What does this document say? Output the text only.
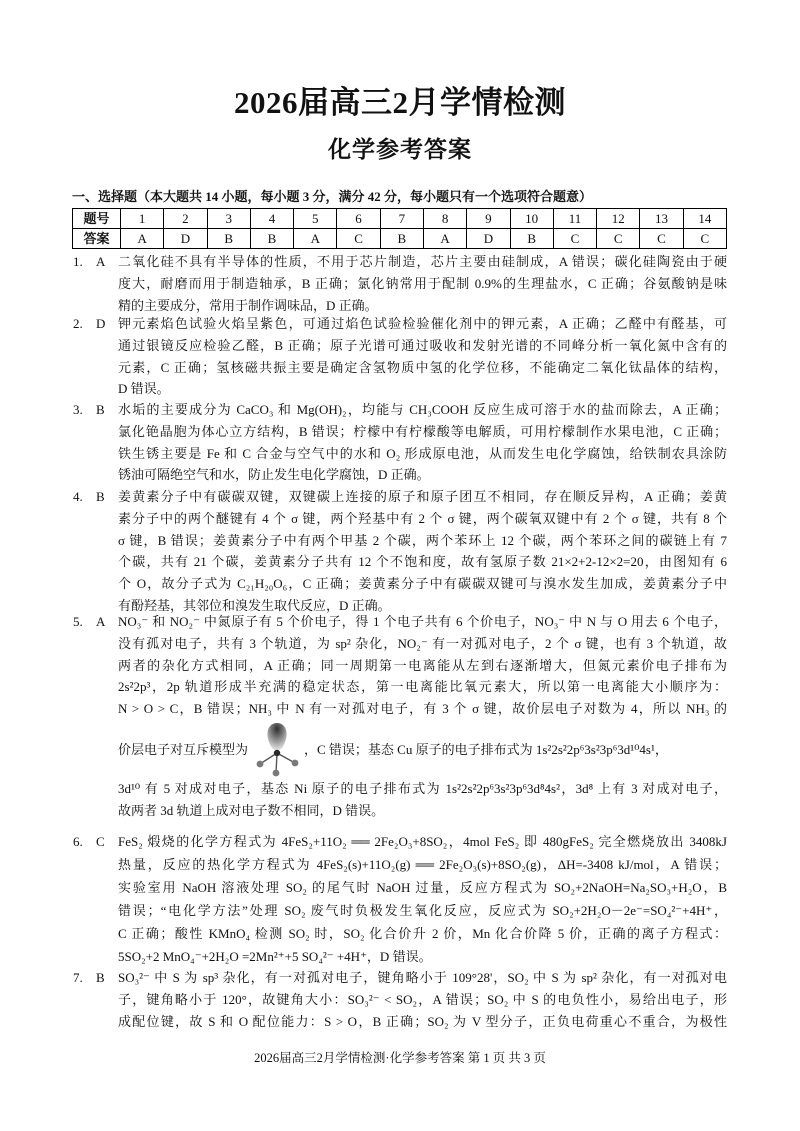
2026届高三2月学情检测
化学参考答案
一、选择题（本大题共 14 小题，每小题 3 分，满分 42 分，每小题只有一个选项符合题意）
题号	1	2	3	4	5	6	7	8	9	10	11	12	13	14
答案	A	D	B	B	A	C	B	A	D	B	C	C	C	C
1. A 二氧化硅不具有半导体的性质，不用于芯片制造，芯片主要由硅制成，A 错误；碳化硅陶瓷由于硬
度大，耐磨而用于制造轴承，B 正确；氯化钠常用于配制 0.9%的生理盐水，C 正确；谷氨酸钠是味
精的主要成分，常用于制作调味品，D 正确。
2. D 钾元素焰色试验火焰呈紫色，可通过焰色试验检验催化剂中的钾元素，A 正确；乙醛中有醛基，可
通过银镜反应检验乙醛，B 正确；原子光谱可通过吸收和发射光谱的不同峰分析一氧化氮中含有的
元素，C 正确；氢核磁共振主要是确定含氢物质中氢的化学位移，不能确定二氧化钛晶体的结构，
D 错误。
3. B 水垢的主要成分为 CaCO₃ 和 Mg(OH)₂，均能与 CH₃COOH 反应生成可溶于水的盐而除去，A 正确；
氯化铯晶胞为体心立方结构，B 错误；柠檬中有柠檬酸等电解质，可用柠檬制作水果电池，C 正确；
铁生锈主要是 Fe 和 C 合金与空气中的水和 O₂ 形成原电池，从而发生电化学腐蚀，给铁制农具涂防
锈油可隔绝空气和水，防止发生电化学腐蚀，D 正确。
4. B 姜黄素分子中有碳碳双键，双键碳上连接的原子和原子团互不相同，存在顺反异构，A 正确；姜黄
素分子中的两个醚键有 4 个 σ 键，两个羟基中有 2 个 σ 键，两个碳氧双键中有 2 个 σ 键，共有 8 个
σ 键，B 错误；姜黄素分子中有两个甲基 2 个碳，两个苯环上 12 个碳，两个苯环之间的碳链上有 7
个碳，共有 21 个碳，姜黄素分子共有 12 个不饱和度，故有氢原子数 21×2+2-12×2=20，由图知有 6
个 O，故分子式为 C₂₁H₂₀O₆，C 正确；姜黄素分子中有碳碳双键可与溴水发生加成，姜黄素分子中
有酚羟基，其邻位和溴发生取代反应，D 正确。
5. A NO₃⁻ 和 NO₂⁻ 中氮原子有 5 个价电子，得 1 个电子共有 6 个价电子，NO₃⁻ 中 N 与 O 用去 6 个电子，
没有孤对电子，共有 3 个轨道，为 sp² 杂化，NO₂⁻ 有一对孤对电子，2 个 σ 键，也有 3 个轨道，故
两者的杂化方式相同，A 正确；同一周期第一电离能从左到右逐渐增大，但氮元素价电子排布为
2s²2p³，2p 轨道形成半充满的稳定状态，第一电离能比氧元素大，所以第一电离能大小顺序为：
N > O > C，B 错误；NH₃ 中 N 有一对孤对电子，有 3 个 σ 键，故价层电子对数为 4，所以 NH₃ 的
价层电子对互斥模型为	，C 错误；基态 Cu 原子的电子排布式为 1s²2s²2p⁶3s²3p⁶3d¹⁰4s¹，
3d¹⁰ 有 5 对成对电子，基态 Ni 原子的电子排布式为 1s²2s²2p⁶3s²3p⁶3d⁸4s²，3d⁸ 上有 3 对成对电子，
故两者 3d 轨道上成对电子数不相同，D 错误。
6. C FeS₂ 煅烧的化学方程式为 4FeS₂+11O₂ ══ 2Fe₂O₃+8SO₂，4mol FeS₂ 即 480gFeS₂ 完全燃烧放出 3408kJ
热量，反应的热化学方程式为 4FeS₂(s)+11O₂(g) ══ 2Fe₂O₃(s)+8SO₂(g)，ΔH=-3408 kJ/mol，A 错误；
实验室用 NaOH 溶液处理 SO₂ 的尾气时 NaOH 过量，反应方程式为 SO₂+2NaOH=Na₂SO₃+H₂O，B
错误；“电化学方法”处理 SO₂ 废气时负极发生氧化反应，反应式为 SO₂+2H₂O－2e⁻=SO₄²⁻+4H⁺，
C 正确；酸性 KMnO₄ 检测 SO₂ 时，SO₂ 化合价升 2 价，Mn 化合价降 5 价，正确的离子方程式：
5SO₂+2 MnO₄⁻+2H₂O =2Mn²⁺+5 SO₄²⁻ +4H⁺，D 错误。
7. B SO₃²⁻ 中 S 为 sp³ 杂化，有一对孤对电子，键角略小于 109°28'，SO₂ 中 S 为 sp² 杂化，有一对孤对电
子，键角略小于 120°，故键角大小：SO₃²⁻ < SO₂，A 错误；SO₂ 中 S 的电负性小，易给出电子，形
成配位键，故 S 和 O 配位能力：S > O，B 正确；SO₂ 为 V 型分子，正负电荷重心不重合，为极性
2026届高三2月学情检测·化学参考答案 第 1 页 共 3 页
